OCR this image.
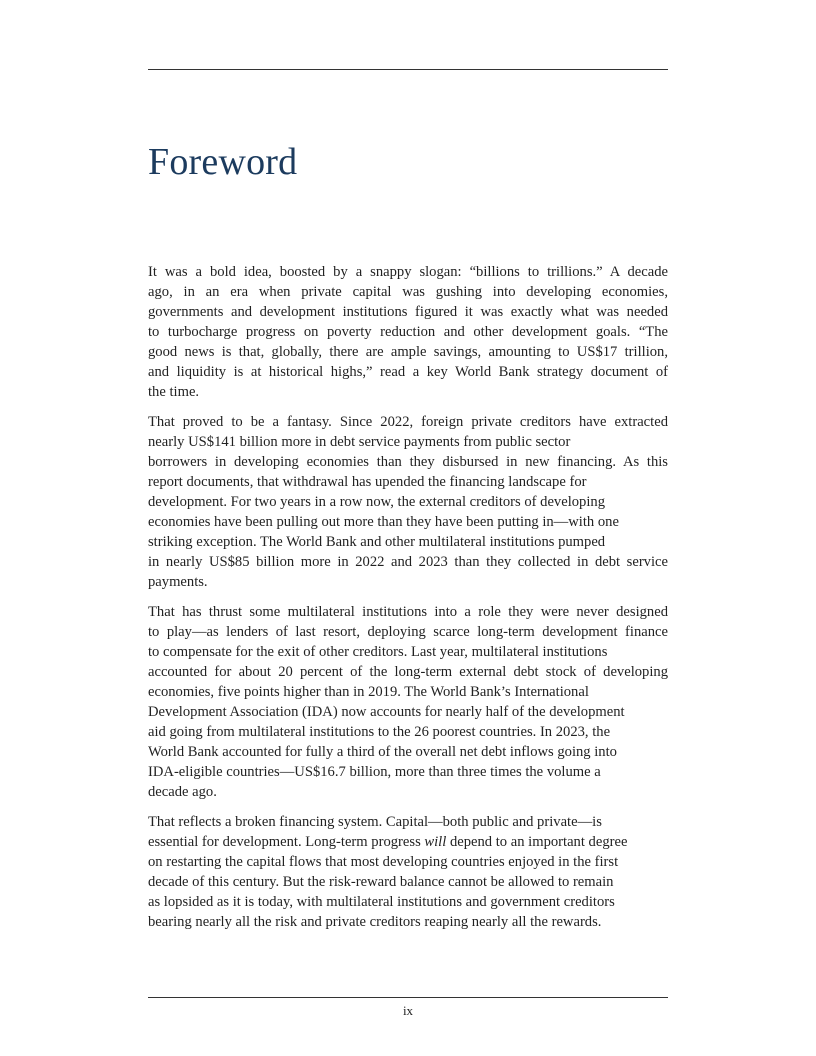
Foreword

It was a bold idea, boosted by a snappy slogan: “billions to trillions.” A decade
ago, in an era when private capital was gushing into developing economies,
governments and development institutions figured it was exactly what was needed
to turbocharge progress on poverty reduction and other development goals. “The
good news is that, globally, there are ample savings, amounting to US$17 trillion,
and liquidity is at historical highs,” read a key World Bank strategy document of
the time.

That proved to be a fantasy. Since 2022, foreign private creditors have extracted
nearly US$141 billion more in debt service payments from public sector
borrowers in developing economies than they disbursed in new financing. As this
report documents, that withdrawal has upended the financing landscape for
development. For two years in a row now, the external creditors of developing
economies have been pulling out more than they have been putting in—with one
striking exception. The World Bank and other multilateral institutions pumped
in nearly US$85 billion more in 2022 and 2023 than they collected in debt service
payments.

That has thrust some multilateral institutions into a role they were never designed
to play—as lenders of last resort, deploying scarce long-term development finance
to compensate for the exit of other creditors. Last year, multilateral institutions
accounted for about 20 percent of the long-term external debt stock of developing
economies, five points higher than in 2019. The World Bank’s International
Development Association (IDA) now accounts for nearly half of the development
aid going from multilateral institutions to the 26 poorest countries. In 2023, the
World Bank accounted for fully a third of the overall net debt inflows going into
IDA-eligible countries—US$16.7 billion, more than three times the volume a
decade ago.

That reflects a broken financing system. Capital—both public and private—is
essential for development. Long-term progress will depend to an important degree
on restarting the capital flows that most developing countries enjoyed in the first
decade of this century. But the risk-reward balance cannot be allowed to remain
as lopsided as it is today, with multilateral institutions and government creditors
bearing nearly all the risk and private creditors reaping nearly all the rewards.

ix
